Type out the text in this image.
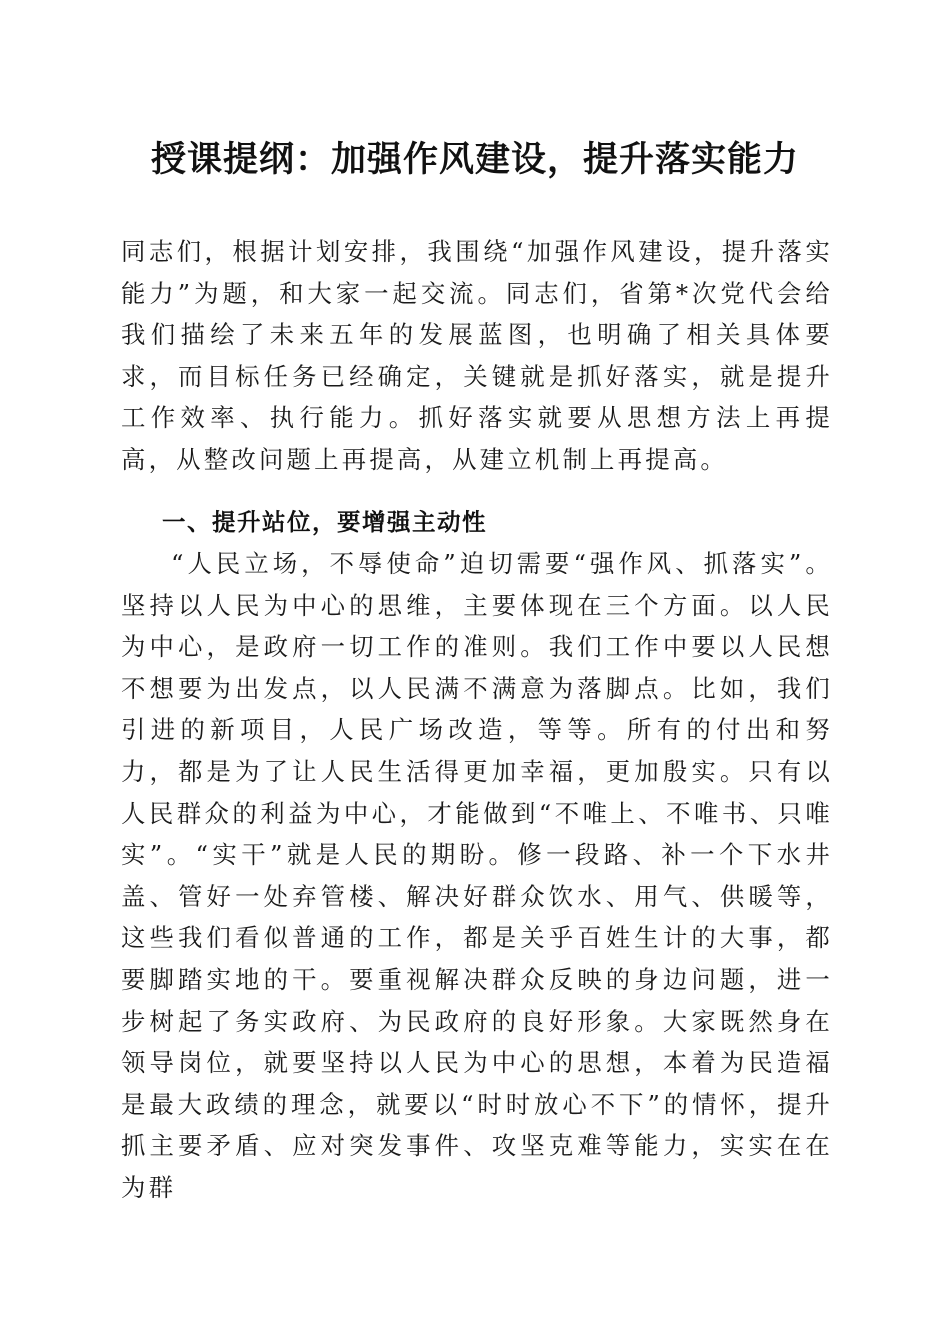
授课提纲：加强作风建设，提升落实能力

同志们，根据计划安排，我围绕“加强作风建设，提升落实能力”为题，和大家一起交流。同志们，省第*次党代会给我们描绘了未来五年的发展蓝图，也明确了相关具体要求，而目标任务已经确定，关键就是抓好落实，就是提升工作效率、执行能力。抓好落实就要从思想方法上再提高，从整改问题上再提高，从建立机制上再提高。

一、提升站位，要增强主动性

“人民立场，不辱使命”迫切需要“强作风、抓落实”。坚持以人民为中心的思维，主要体现在三个方面。以人民为中心，是政府一切工作的准则。我们工作中要以人民想不想要为出发点，以人民满不满意为落脚点。比如，我们引进的新项目，人民广场改造，等等。所有的付出和努力，都是为了让人民生活得更加幸福，更加殷实。只有以人民群众的利益为中心，才能做到“不唯上、不唯书、只唯实”。“实干”就是人民的期盼。修一段路、补一个下水井盖、管好一处弃管楼、解决好群众饮水、用气、供暖等，这些我们看似普通的工作，都是关乎百姓生计的大事，都要脚踏实地的干。要重视解决群众反映的身边问题，进一步树起了务实政府、为民政府的良好形象。大家既然身在领导岗位，就要坚持以人民为中心的思想，本着为民造福是最大政绩的理念，就要以“时时放心不下”的情怀，提升抓主要矛盾、应对突发事件、攻坚克难等能力，实实在在为群
